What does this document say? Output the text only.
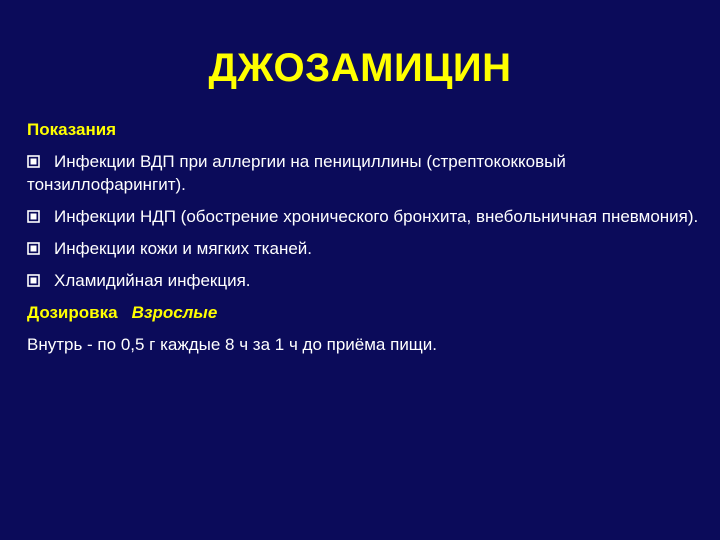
ДЖОЗАМИЦИН
Показания
Инфекции ВДП при аллергии на пенициллины (стрептококковый тонзиллофарингит).
Инфекции НДП (обострение хронического бронхита, внебольничная пневмония).
Инфекции кожи и мягких тканей.
Хламидийная инфекция.
Дозировка Взрослые
Внутрь - по 0,5 г каждые 8 ч за 1 ч до приёма пищи.
